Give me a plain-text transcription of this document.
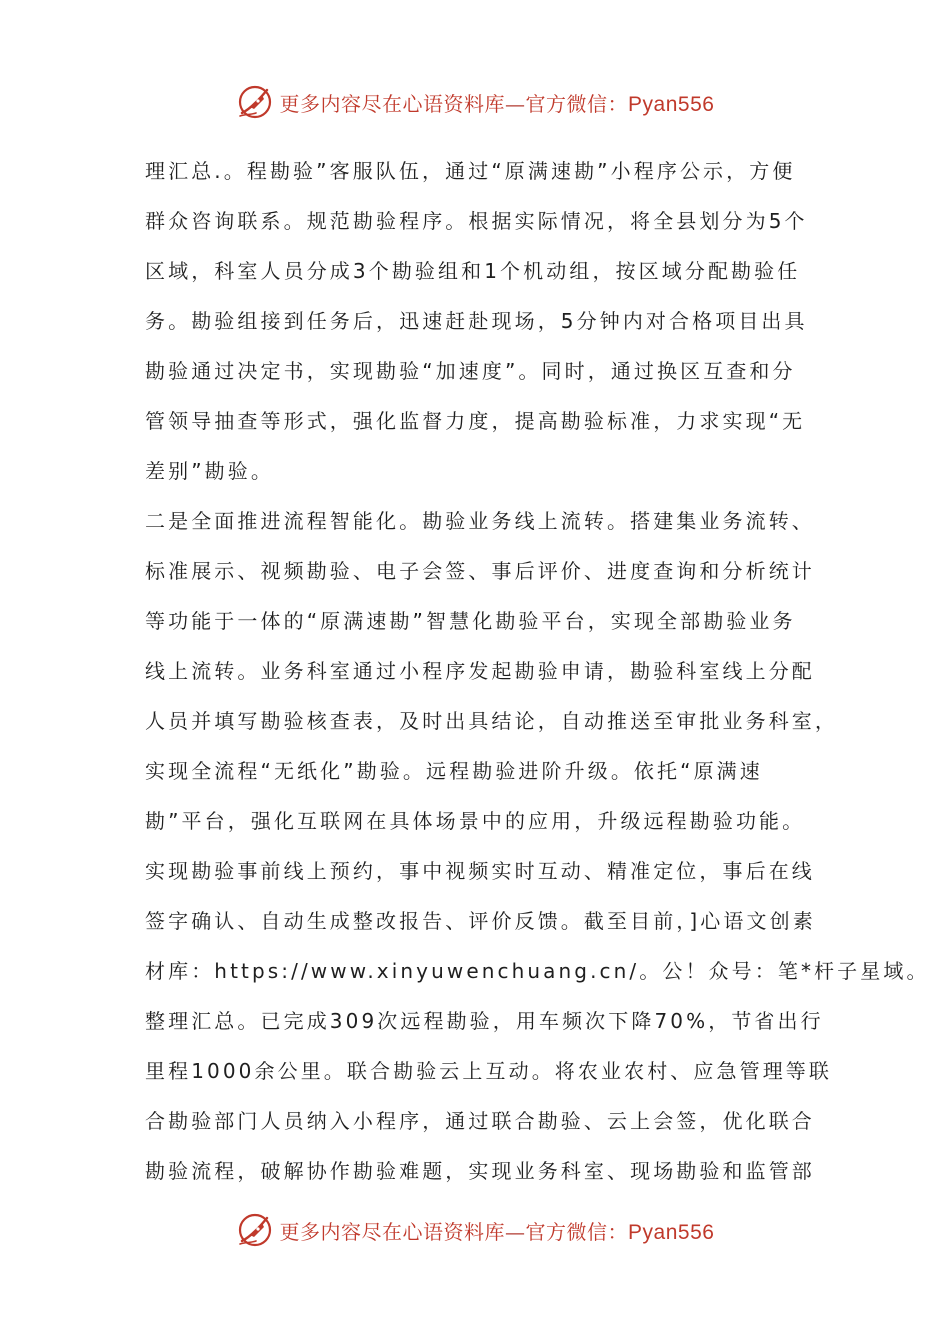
更多内容尽在心语资料库—官方微信：Pyan556
理汇总.。程勘验”客服队伍，通过“原满速勘”小程序公示，方便
群众咨询联系。规范勘验程序。根据实际情况，将全县划分为5个
区域，科室人员分成3个勘验组和1个机动组，按区域分配勘验任
务。勘验组接到任务后，迅速赶赴现场，5分钟内对合格项目出具
勘验通过决定书，实现勘验“加速度”。同时，通过换区互查和分
管领导抽查等形式，强化监督力度，提高勘验标准，力求实现“无
差别”勘验。
二是全面推进流程智能化。勘验业务线上流转。搭建集业务流转、
标准展示、视频勘验、电子会签、事后评价、进度查询和分析统计
等功能于一体的“原满速勘”智慧化勘验平台，实现全部勘验业务
线上流转。业务科室通过小程序发起勘验申请，勘验科室线上分配
人员并填写勘验核查表，及时出具结论，自动推送至审批业务科室，
实现全流程“无纸化”勘验。远程勘验进阶升级。依托“原满速
勘”平台，强化互联网在具体场景中的应用，升级远程勘验功能。
实现勘验事前线上预约，事中视频实时互动、精准定位，事后在线
签字确认、自动生成整改报告、评价反馈。截至目前，]心语文创素
材库：https://www.xinyuwenchuang.cn/。公！众号：笔*杆子星域。
整理汇总。已完成309次远程勘验，用车频次下降70%，节省出行
里程1000余公里。联合勘验云上互动。将农业农村、应急管理等联
合勘验部门人员纳入小程序，通过联合勘验、云上会签，优化联合
勘验流程，破解协作勘验难题，实现业务科室、现场勘验和监管部
更多内容尽在心语资料库—官方微信：Pyan556
